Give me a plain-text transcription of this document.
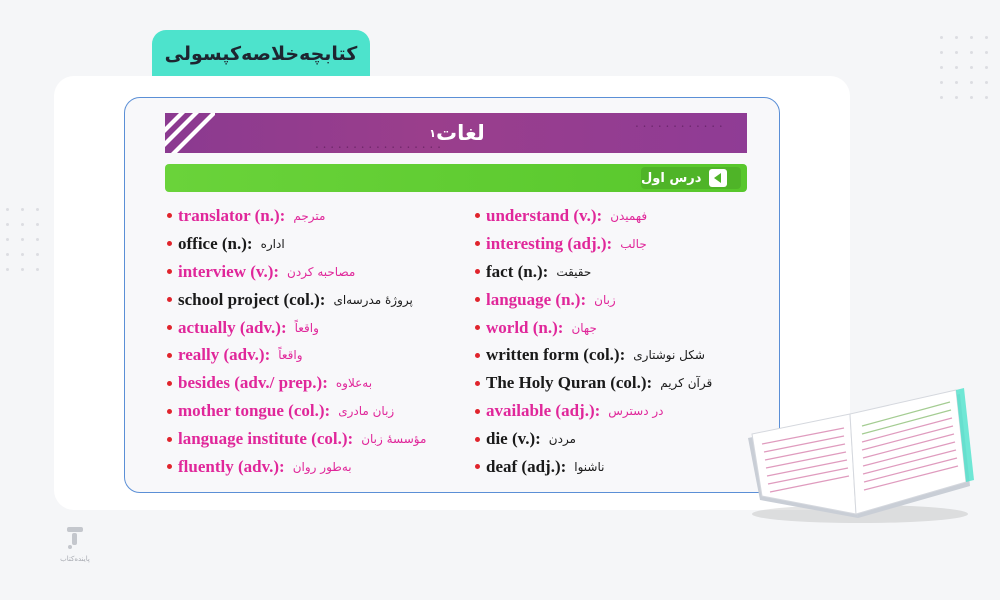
کتابچه‌خلاصه‌کپسولی
. . . . . . . . . . . . . . . . .
. . . . . . . . . . . .
لغات
۱
درس اول
translator (n.): مترجم
office (n.): اداره
interview (v.): مصاحبه کردن
school project (col.): پروژهٔ مدرسه‌ای
actually (adv.): واقعاً
really (adv.): واقعاً
besides (adv./ prep.): به‌علاوه
mother tongue (col.): زبان مادری
language institute (col.): مؤسسهٔ زبان
fluently (adv.): به‌طور روان
understand (v.): فهمیدن
interesting (adj.): جالب
fact (n.): حقیقت
language (n.): زبان
world (n.): جهان
written form (col.): شکل نوشتاری
The Holy Quran (col.): قرآن کریم
available (adj.): در دسترس
die (v.): مردن
deaf (adj.): ناشنوا
پاینده‌کتاب
